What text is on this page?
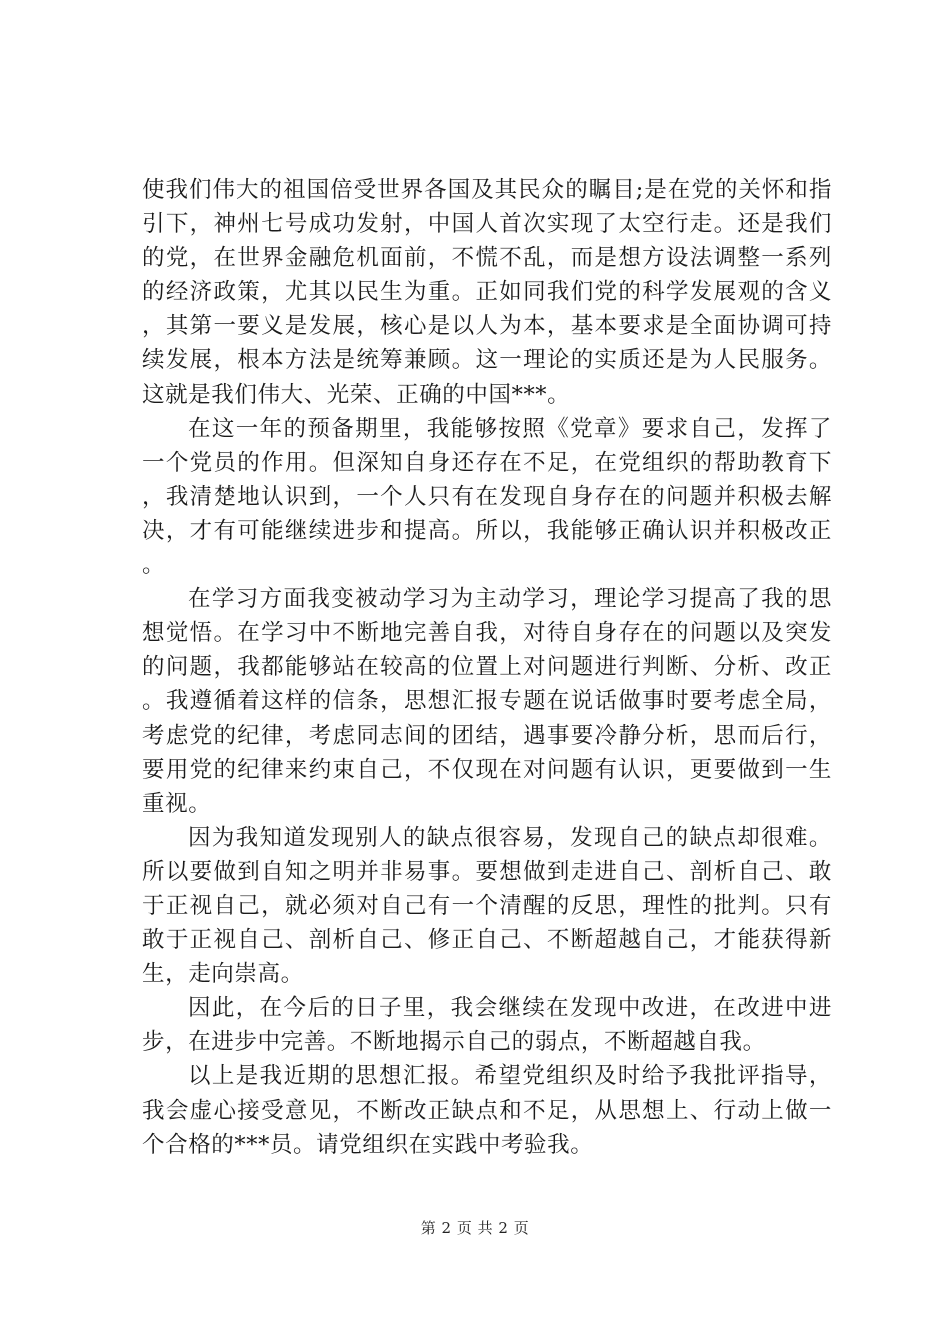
使我们伟大的祖国倍受世界各国及其民众的瞩目;是在党的关怀和指引下，神州七号成功发射，中国人首次实现了太空行走。还是我们的党，在世界金融危机面前，不慌不乱，而是想方设法调整一系列的经济政策，尤其以民生为重。正如同我们党的科学发展观的含义，其第一要义是发展，核心是以人为本，基本要求是全面协调可持续发展，根本方法是统筹兼顾。这一理论的实质还是为人民服务。这就是我们伟大、光荣、正确的中国***。

在这一年的预备期里，我能够按照《党章》要求自己，发挥了一个党员的作用。但深知自身还存在不足，在党组织的帮助教育下，我清楚地认识到，一个人只有在发现自身存在的问题并积极去解决，才有可能继续进步和提高。所以，我能够正确认识并积极改正。

在学习方面我变被动学习为主动学习，理论学习提高了我的思想觉悟。在学习中不断地完善自我，对待自身存在的问题以及突发的问题，我都能够站在较高的位置上对问题进行判断、分析、改正。我遵循着这样的信条，思想汇报专题在说话做事时要考虑全局，考虑党的纪律，考虑同志间的团结，遇事要冷静分析，思而后行，要用党的纪律来约束自己，不仅现在对问题有认识，更要做到一生重视。

因为我知道发现别人的缺点很容易，发现自己的缺点却很难。所以要做到自知之明并非易事。要想做到走进自己、剖析自己、敢于正视自己，就必须对自己有一个清醒的反思，理性的批判。只有敢于正视自己、剖析自己、修正自己、不断超越自己，才能获得新生，走向崇高。

因此，在今后的日子里，我会继续在发现中改进，在改进中进步，在进步中完善。不断地揭示自己的弱点，不断超越自我。

以上是我近期的思想汇报。希望党组织及时给予我批评指导，我会虚心接受意见，不断改正缺点和不足，从思想上、行动上做一个合格的***员。请党组织在实践中考验我。

第 2 页 共 2 页
